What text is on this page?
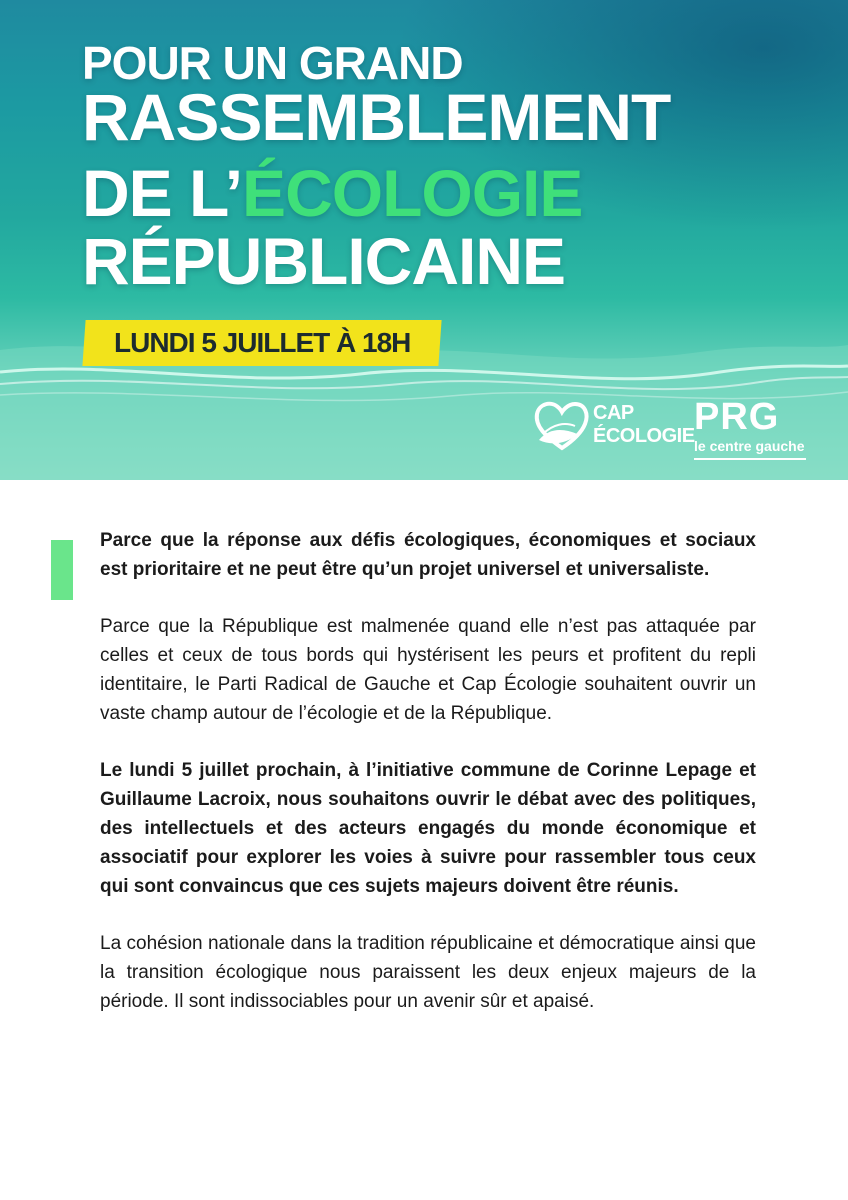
POUR UN GRAND
RASSEMBLEMENT
DE L’ÉCOLOGIE
RÉPUBLICAINE
LUNDI 5 JUILLET À 18H
CAP
ÉCOLOGIE PRG
le centre gauche

Parce que la réponse aux défis écologiques, économiques et sociaux est prioritaire et ne peut être qu’un projet universel et universaliste.

Parce que la République est malmenée quand elle n’est pas attaquée par celles et ceux de tous bords qui hystérisent les peurs et profitent du repli identitaire, le Parti Radical de Gauche et Cap Écologie souhaitent ouvrir un vaste champ autour de l’écologie et de la République.

Le lundi 5 juillet prochain, à l’initiative commune de Corinne Lepage et Guillaume Lacroix, nous souhaitons ouvrir le débat avec des politiques, des intellectuels et des acteurs engagés du monde économique et associatif pour explorer les voies à suivre pour rassembler tous ceux qui sont convaincus que ces sujets majeurs doivent être réunis.

La cohésion nationale dans la tradition républicaine et démocratique ainsi que la transition écologique nous paraissent les deux enjeux majeurs de la période. Il sont indissociables pour un avenir sûr et apaisé.
